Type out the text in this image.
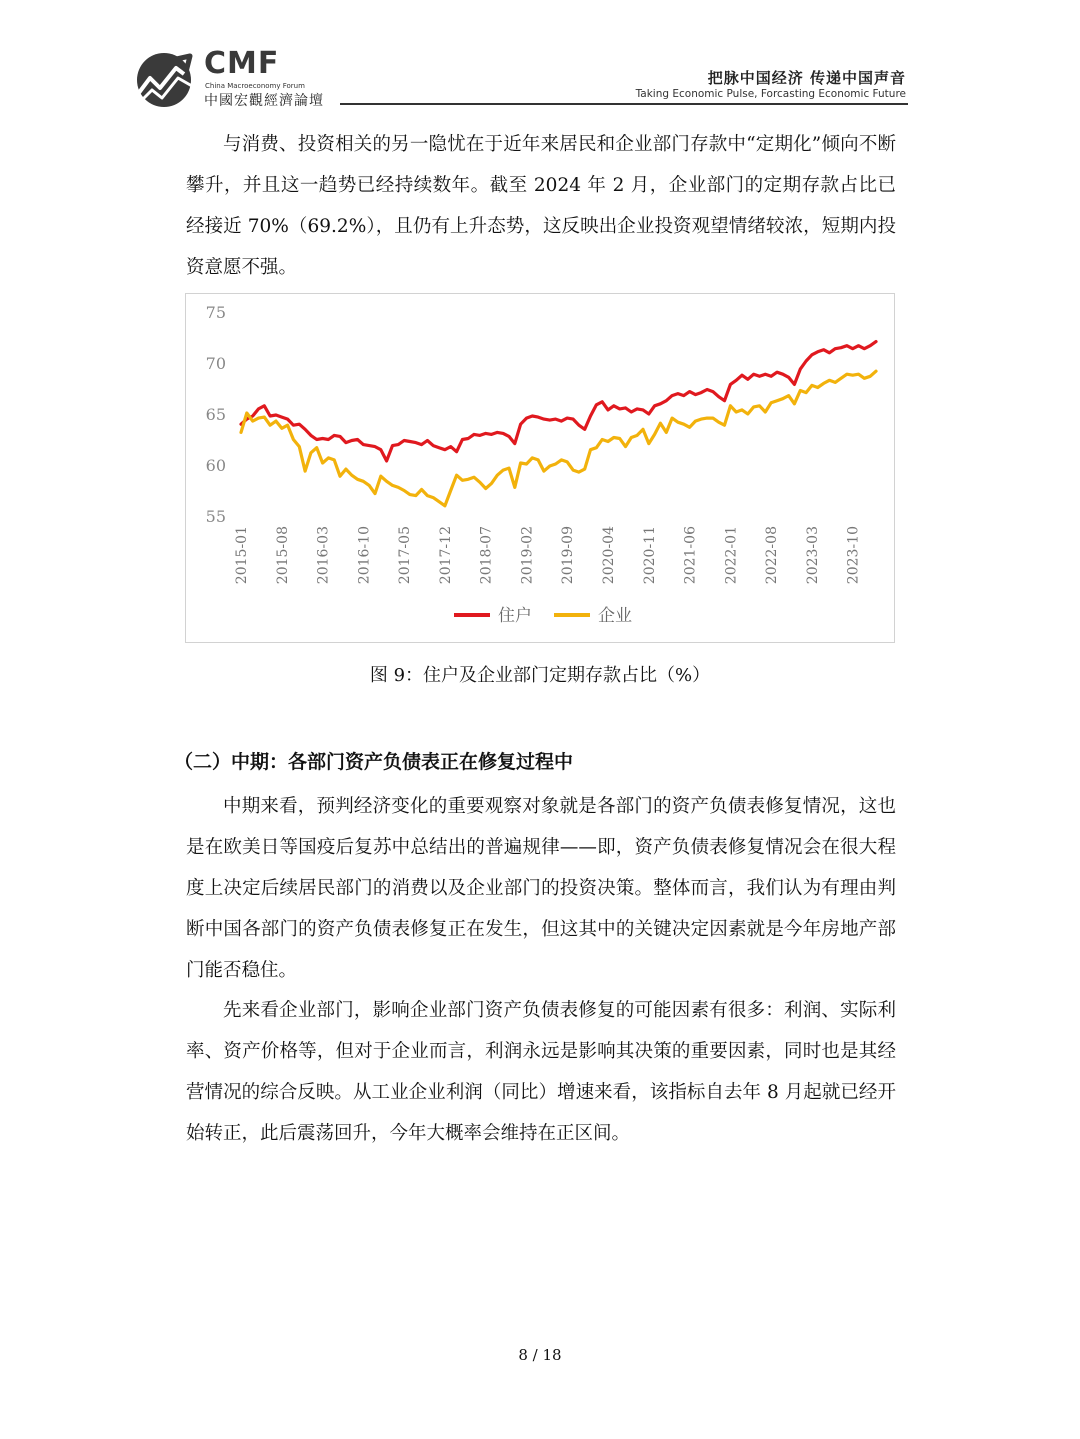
CMF
China Macroeconomy Forum
中國宏觀經濟論壇
把脉中国经济 传递中国声音
Taking Economic Pulse, Forcasting Economic Future

与消费、投资相关的另一隐忧在于近年来居民和企业部门存款中“定期化”倾向不断攀升，并且这一趋势已经持续数年。截至 2024 年 2 月，企业部门的定期存款占比已经接近 70%（69.2%），且仍有上升态势，这反映出企业投资观望情绪较浓，短期内投资意愿不强。

55
60
65
70
75
2015-01 2015-08 2016-03 2016-10 2017-05 2017-12 2018-07 2019-02 2019-09 2020-04 2020-11 2021-06 2022-01 2022-08 2023-03 2023-10
住户	企业
图 9：住户及企业部门定期存款占比（%）

（二）中期：各部门资产负债表正在修复过程中

中期来看，预判经济变化的重要观察对象就是各部门的资产负债表修复情况，这也是在欧美日等国疫后复苏中总结出的普遍规律——即，资产负债表修复情况会在很大程度上决定后续居民部门的消费以及企业部门的投资决策。整体而言，我们认为有理由判断中国各部门的资产负债表修复正在发生，但这其中的关键决定因素就是今年房地产部门能否稳住。

先来看企业部门，影响企业部门资产负债表修复的可能因素有很多：利润、实际利率、资产价格等，但对于企业而言，利润永远是影响其决策的重要因素，同时也是其经营情况的综合反映。从工业企业利润（同比）增速来看，该指标自去年 8 月起就已经开始转正，此后震荡回升，今年大概率会维持在正区间。

8 / 18
